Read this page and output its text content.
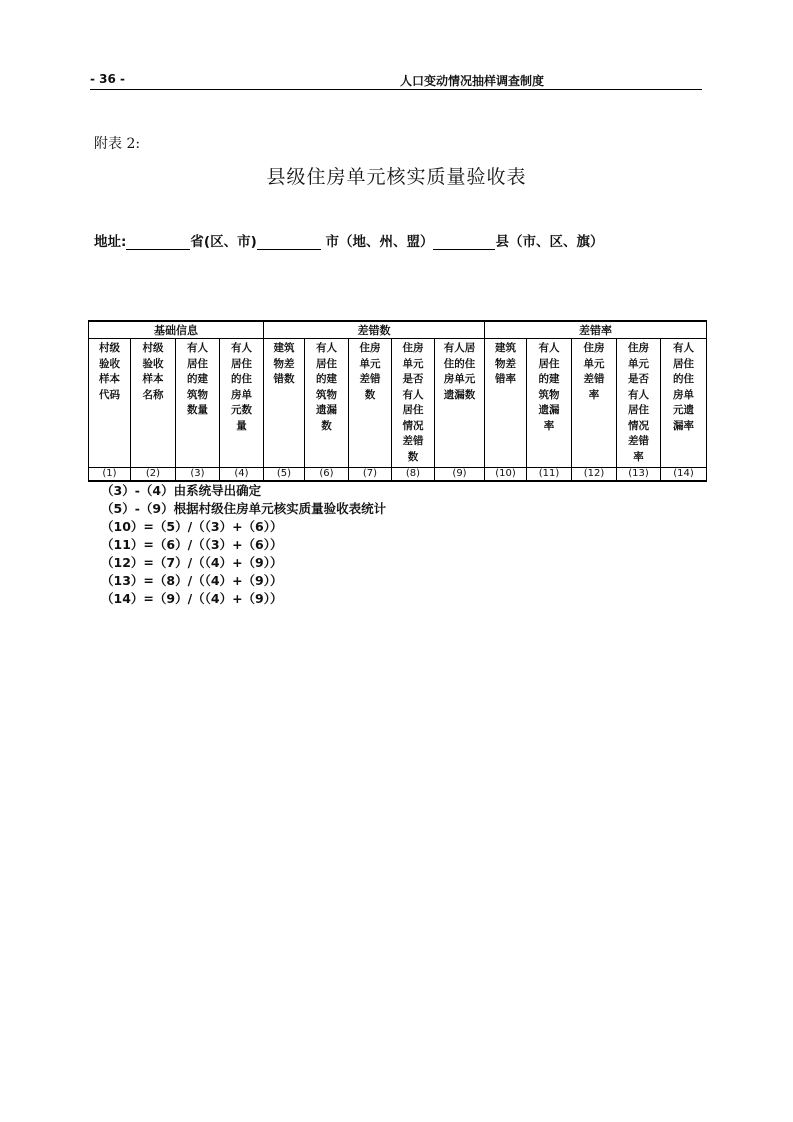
- 36 -	人口变动情况抽样调查制度
附表 2:
县级住房单元核实质量验收表
地址:	省(区、市)	市（地、州、盟）	县（市、区、旗）
基础信息				差错数					差错率				

村级验收样本代码	村级验收样本名称	有人居住的建筑物数量	有人居住的住房单元数量	建筑物差错数	有人居住的建筑物遗漏数	住房单元差错数	住房单元是否有人居住情况差错数	有人居住的住房单元遗漏数	建筑物差错率	有人居住的建筑物遗漏率	住房单元差错率	住房单元是否有人居住情况差错率	有人居住的住房单元遗漏率

(1)	(2)	(3)	(4)	(5)	(6)	(7)	(8)	(9)	(10)	(11)	(12)	(13)	(14)
（3）-（4）由系统导出确定
（5）-（9）根据村级住房单元核实质量验收表统计
（10）=（5）/（（3）+（6））
（11）=（6）/（（3）+（6））
（12）=（7）/（（4）+（9））
（13）=（8）/（（4）+（9））
（14）=（9）/（（4）+（9））
